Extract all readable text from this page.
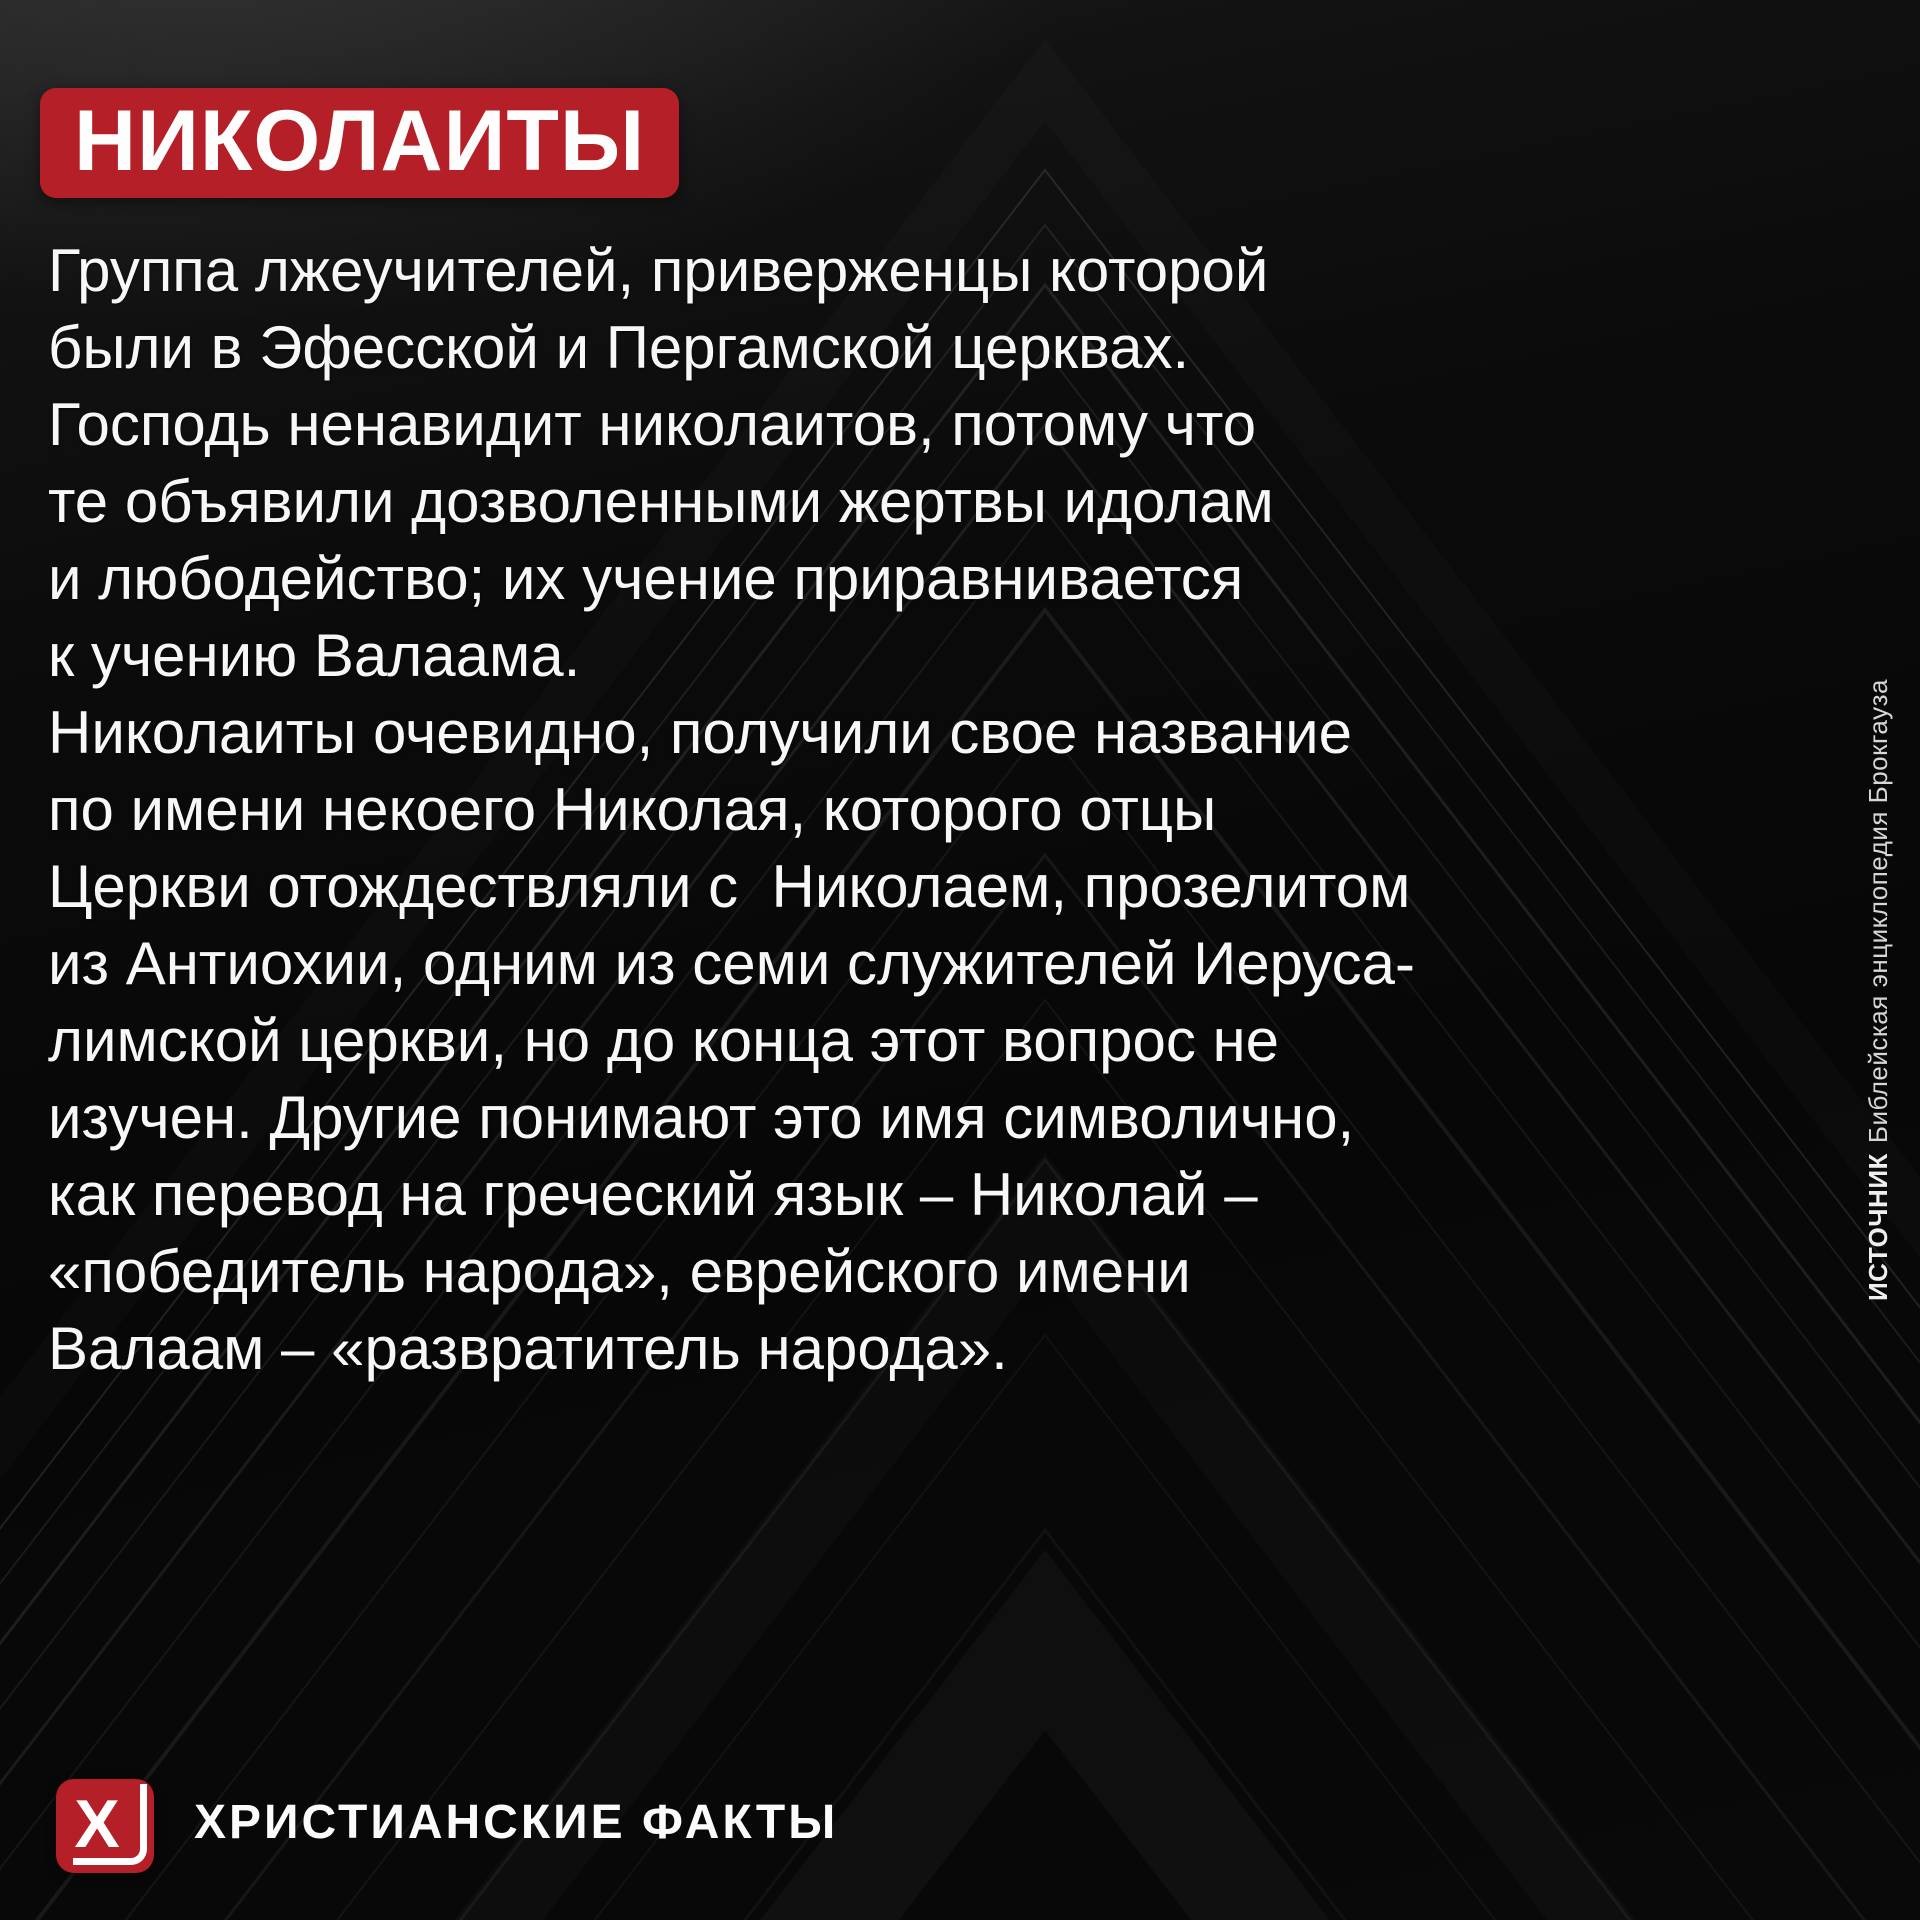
НИКОЛАИТЫ
Группа лжеучителей, приверженцы которой
были в Эфесской и Пергамской церквах.
Господь ненавидит николаитов, потому что
те объявили дозволенными жертвы идолам
и любодейство; их учение приравнивается
к учению Валаама.
Николаиты очевидно, получили свое название
по имени некоего Николая, которого отцы
Церкви отождествляли с  Николаем, прозелитом
из Антиохии, одним из семи служителей Иеруса-
лимской церкви, но до конца этот вопрос не
изучен. Другие понимают это имя символично,
как перевод на греческий язык – Николай –
«победитель народа», еврейского имени
Валаам – «развратитель народа».
ИСТОЧНИКБиблейская энциклопедия Брокгауза
Х	ХРИСТИАНСКИЕ ФАКТЫ
